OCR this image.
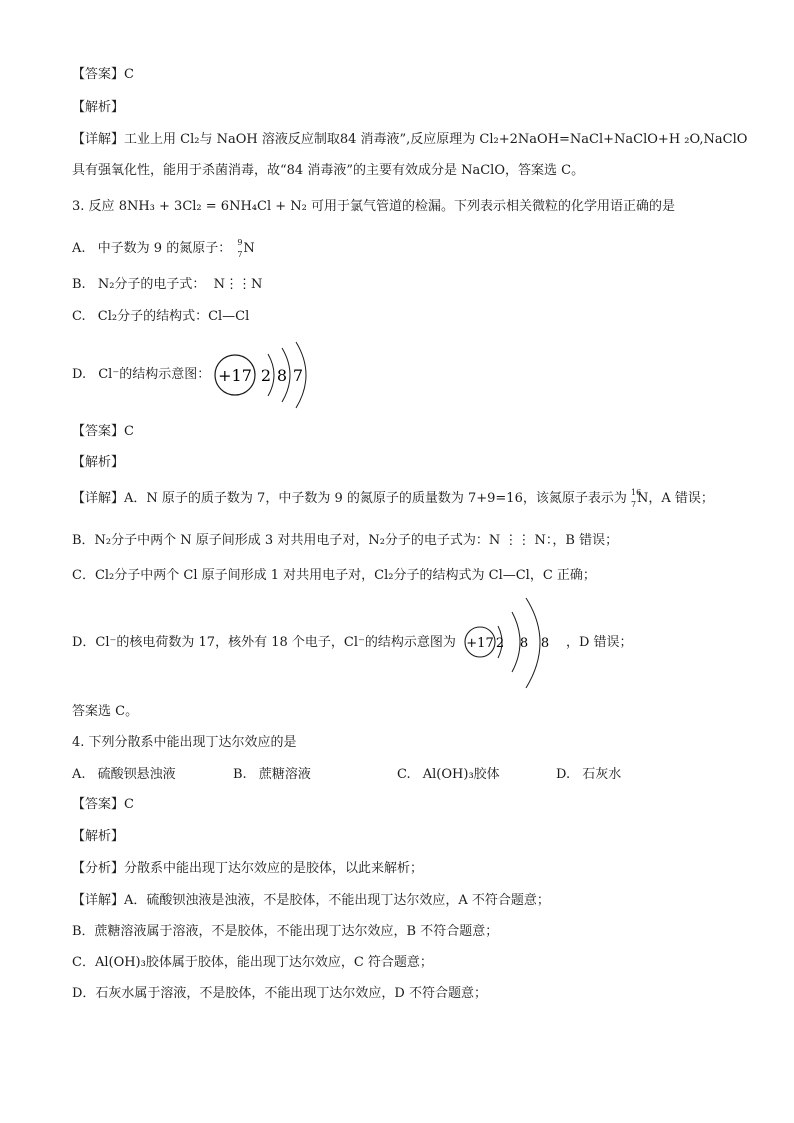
【答案】C
【解析】
【详解】工业上用 Cl₂与 NaOH 溶液反应制取84 消毒液”,反应原理为 Cl₂+2NaOH=NaCl+NaClO+H ₂O,NaClO
具有强氧化性，能用于杀菌消毒，故“84 消毒液”的主要有效成分是 NaClO，答案选 C。
3. 反应 8NH₃ + 3Cl₂ = 6NH₄Cl + N₂ 可用于氯气管道的检漏。下列表示相关微粒的化学用语正确的是
A. 中子数为 9 的氮原子： 9
7 N
B. N₂分子的电子式： N⋮⋮N
C. Cl₂分子的结构式：Cl—Cl
D. Cl⁻的结构示意图： +17 2 8 7
【答案】C
【解析】
【详解】A．N 原子的质子数为 7，中子数为 9 的氮原子的质量数为 7+9=16，该氮原子表示为 16
7 N，A 错误；
B．N₂分子中两个 N 原子间形成 3 对共用电子对，N₂分子的电子式为：N ⋮⋮ N：，B 错误；
C．Cl₂分子中两个 Cl 原子间形成 1 对共用电子对，Cl₂分子的结构式为 Cl—Cl，C 正确；
D．Cl⁻的核电荷数为 17，核外有 18 个电子，Cl⁻的结构示意图为 +17 2 8 8 ，D 错误；
答案选 C。
4. 下列分散系中能出现丁达尔效应的是
A. 硫酸钡悬浊液	B. 蔗糖溶液	C. Al(OH)₃胶体	D. 石灰水
【答案】C
【解析】
【分析】分散系中能出现丁达尔效应的是胶体，以此来解析；
【详解】A．硫酸钡浊液是浊液，不是胶体，不能出现丁达尔效应，A 不符合题意；
B．蔗糖溶液属于溶液，不是胶体，不能出现丁达尔效应，B 不符合题意；
C．Al(OH)₃胶体属于胶体，能出现丁达尔效应，C 符合题意；
D．石灰水属于溶液，不是胶体，不能出现丁达尔效应，D 不符合题意；
